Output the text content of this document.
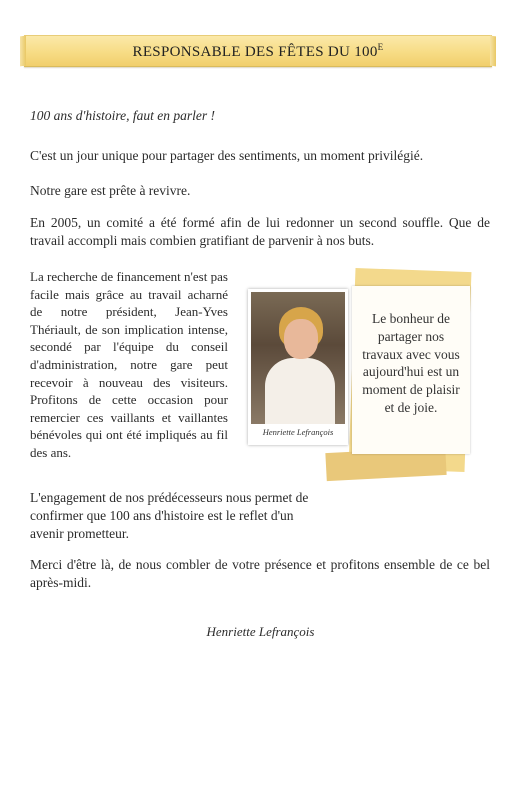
RESPONSABLE DES FÊTES DU $100^E$
100 ans d'histoire, faut en parler !
C'est un jour unique pour partager des sentiments, un moment privilégié.
Notre gare est prête à revivre.
En 2005, un comité a été formé afin de lui redonner un second souffle. Que de travail accompli mais combien gratifiant de parvenir à nos buts.
La recherche de financement n'est pas facile mais grâce au travail acharné de notre président, Jean-Yves Thériault, de son implication intense, secondé par l'équipe du conseil d'administration, notre gare peut recevoir à nouveau des visiteurs. Profitons de cette occasion pour remercier ces vaillants et vaillantes bénévoles qui ont été impliqués au fil des ans.
Le bonheur de partager nos travaux avec vous aujourd'hui est un moment de plaisir et de joie.
Henriette Lefrançois
L'engagement de nos prédécesseurs nous permet de confirmer que 100 ans d'histoire est le reflet d'un avenir prometteur.
Merci d'être là, de nous combler de votre présence et profitons ensemble de ce bel après-midi.
Henriette Lefrançois
